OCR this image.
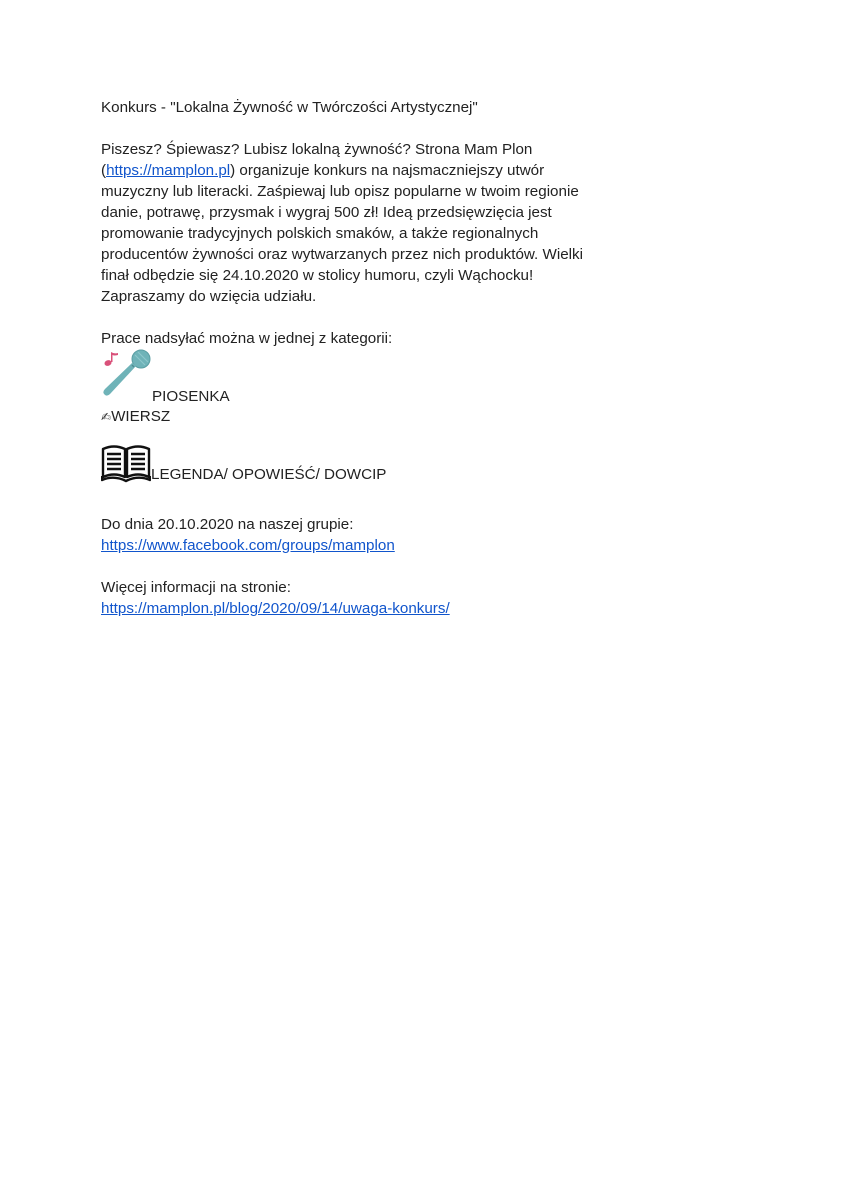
Konkurs - "Lokalna Żywność w Twórczości Artystycznej"

Piszesz? Śpiewasz? Lubisz lokalną żywność? Strona Mam Plon
(https://mamplon.pl) organizuje konkurs na najsmaczniejszy utwór
muzyczny lub literacki. Zaśpiewaj lub opisz popularne w twoim regionie
danie, potrawę, przysmak i wygraj 500 zł! Ideą przedsięwzięcia jest
promowanie tradycyjnych polskich smaków, a także regionalnych
producentów żywności oraz wytwarzanych przez nich produktów. Wielki
finał odbędzie się 24.10.2020 w stolicy humoru, czyli Wąchocku!
Zapraszamy do wzięcia udziału.

Prace nadsyłać można w jednej z kategorii:

PIOSENKA
✍WIERSZ
LEGENDA/ OPOWIEŚĆ/ DOWCIP

Do dnia 20.10.2020 na naszej grupie:

https://www.facebook.com/groups/mamplon

Więcej informacji na stronie:

https://mamplon.pl/blog/2020/09/14/uwaga-konkurs/
